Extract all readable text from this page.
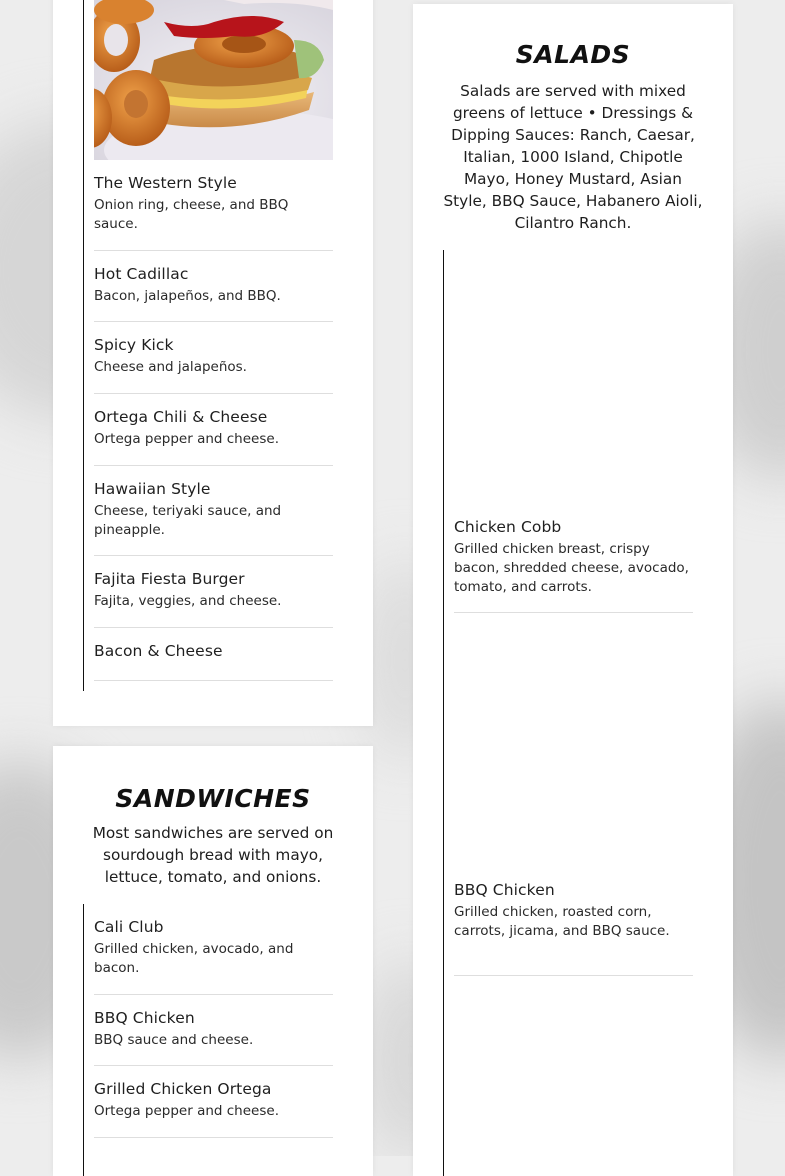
The Western Style
Onion ring, cheese, and BBQ sauce.
Hot Cadillac
Bacon, jalapeños, and BBQ.
Spicy Kick
Cheese and jalapeños.
Ortega Chili & Cheese
Ortega pepper and cheese.
Hawaiian Style
Cheese, teriyaki sauce, and pineapple.
Fajita Fiesta Burger
Fajita, veggies, and cheese.
Bacon & Cheese
SANDWICHES
Most sandwiches are served on sourdough bread with mayo, lettuce, tomato, and onions.
Cali Club
Grilled chicken, avocado, and bacon.
BBQ Chicken
BBQ sauce and cheese.
Grilled Chicken Ortega
Ortega pepper and cheese.
SALADS
Salads are served with mixed greens of lettuce • Dressings & Dipping Sauces: Ranch, Caesar, Italian, 1000 Island, Chipotle Mayo, Honey Mustard, Asian Style, BBQ Sauce, Habanero Aioli, Cilantro Ranch.
Chicken Cobb
Grilled chicken breast, crispy bacon, shredded cheese, avocado, tomato, and carrots.
BBQ Chicken
Grilled chicken, roasted corn, carrots, jicama, and BBQ sauce.
